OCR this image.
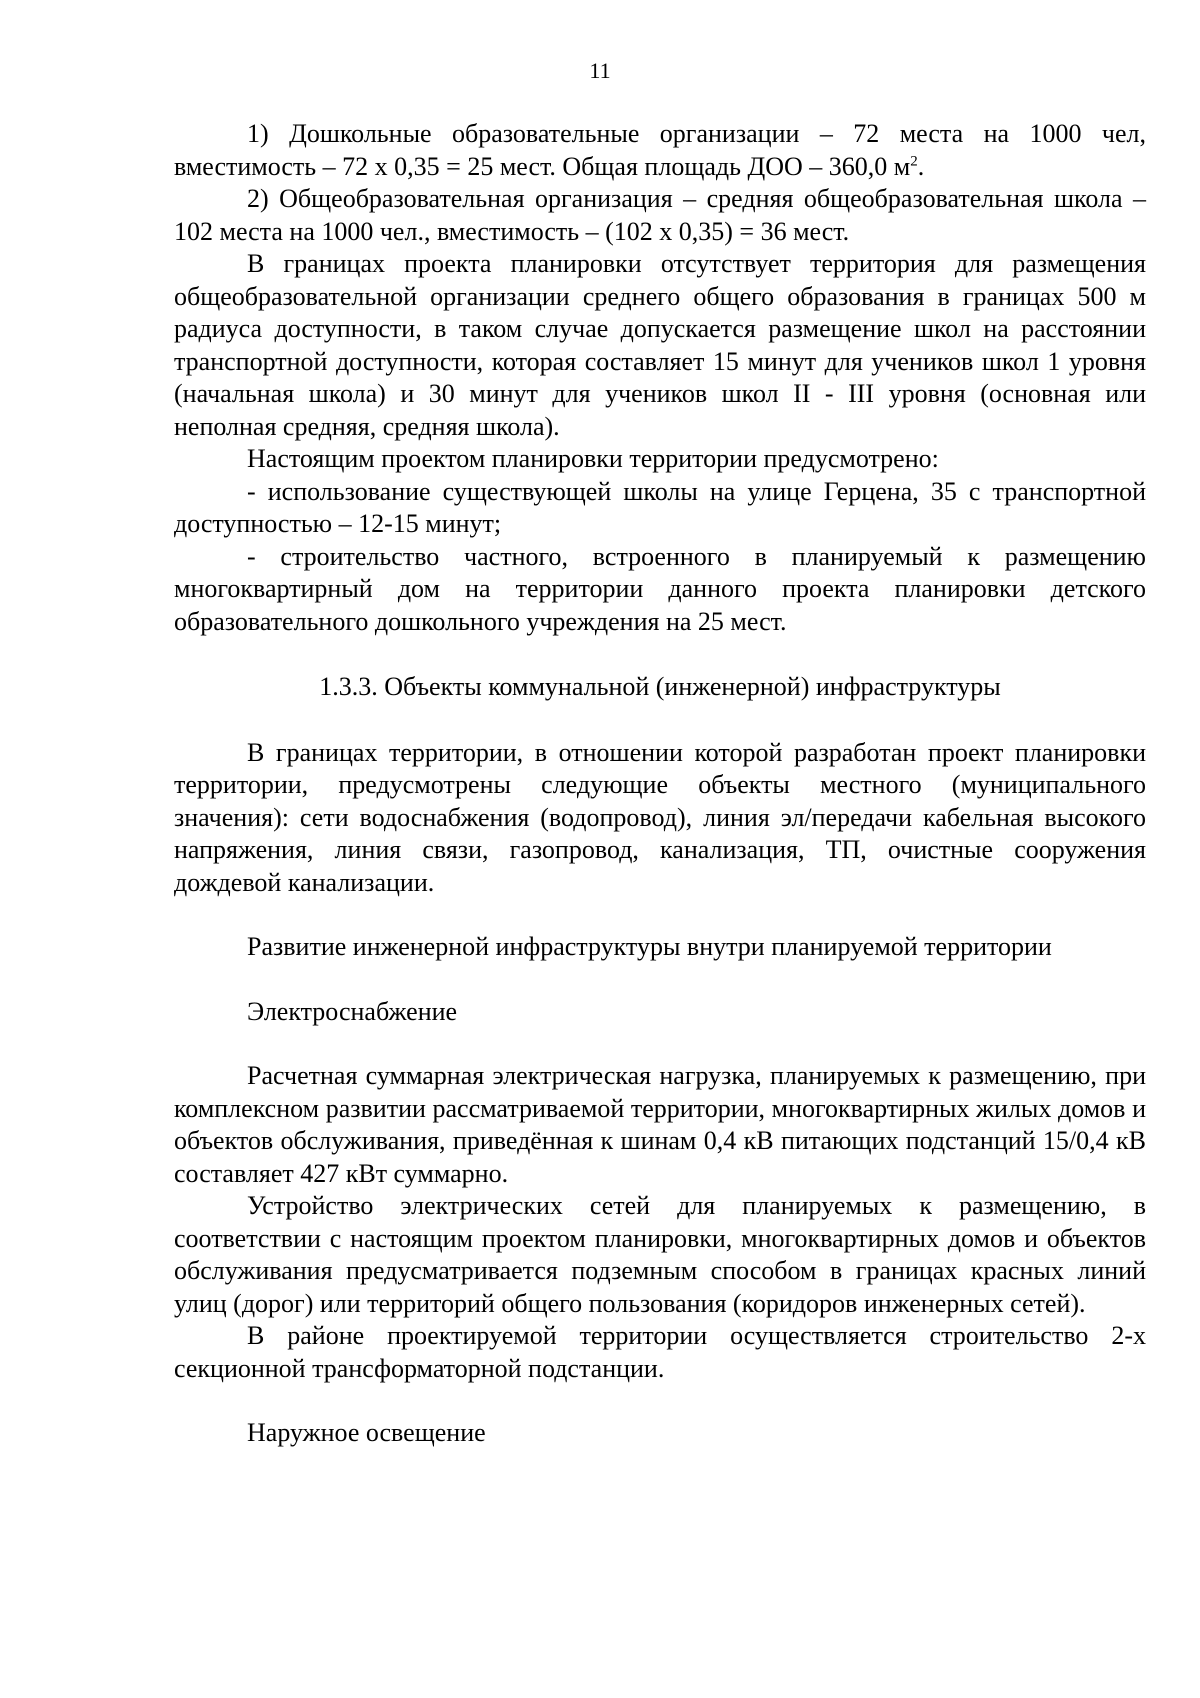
11

1) Дошкольные образовательные организации – 72 места на 1000 чел, вместимость – 72 х 0,35 = 25 мест. Общая площадь ДОО – 360,0 $м^2$.

2) Общеобразовательная организация – средняя общеобразовательная школа – 102 места на 1000 чел., вместимость – (102 х 0,35) = 36 мест.

В границах проекта планировки отсутствует территория для размещения общеобразовательной организации среднего общего образования в границах 500 м радиуса доступности, в таком случае допускается размещение школ на расстоянии транспортной доступности, которая составляет 15 минут для учеников школ 1 уровня (начальная школа) и 30 минут для учеников школ II - III уровня (основная или неполная средняя, средняя школа).

Настоящим проектом планировки территории предусмотрено:

- использование существующей школы на улице Герцена, 35 с транспортной доступностью – 12-15 минут;

- строительство частного, встроенного в планируемый к размещению многоквартирный дом на территории данного проекта планировки детского образовательного дошкольного учреждения на 25 мест.

1.3.3. Объекты коммунальной (инженерной) инфраструктуры

В границах территории, в отношении которой разработан проект планировки территории, предусмотрены следующие объекты местного (муниципального значения): сети водоснабжения (водопровод), линия эл/передачи кабельная высокого напряжения, линия связи, газопровод, канализация, ТП, очистные сооружения дождевой канализации.

Развитие инженерной инфраструктуры внутри планируемой территории

Электроснабжение

Расчетная суммарная электрическая нагрузка, планируемых к размещению, при комплексном развитии рассматриваемой территории, многоквартирных жилых домов и объектов обслуживания, приведённая к шинам 0,4 кВ питающих подстанций 15/0,4 кВ составляет 427 кВт суммарно.

Устройство электрических сетей для планируемых к размещению, в соответствии с настоящим проектом планировки, многоквартирных домов и объектов обслуживания предусматривается подземным способом в границах красных линий улиц (дорог) или территорий общего пользования (коридоров инженерных сетей).

В районе проектируемой территории осуществляется строительство 2-х секционной трансформаторной подстанции.

Наружное освещение
